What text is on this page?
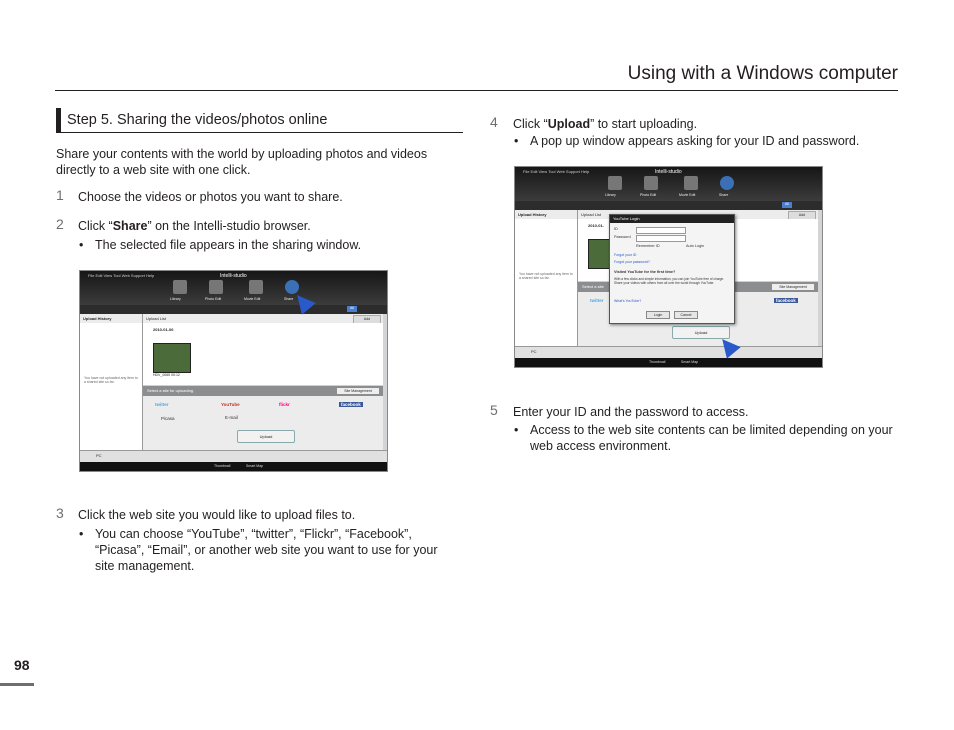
Using with a Windows computer
Step 5. Sharing the videos/photos online
Share your contents with the world by uploading photos and videos directly to a web site with one click.
1 Choose the videos or photos you want to share.
2 Click “Share” on the Intelli-studio browser.
• The selected file appears in the sharing window.
File Edit View Tool Web Support Help	Intelli-studio
Library	Photo Edit	Movie Edit	Share
All
Upload History
You have not uploaded any item to a shared site so far.
Upload List	Add
2010-01-06
HDV_0065 00:12
Select a site for uploading.	Site Management
twitter	YouTube	flickr	facebook
Picasa	E-mail
Upload
PC
Thumbnail	Smart Map
3 Click the web site you would like to upload files to.
• You can choose “YouTube”, “twitter”, “Flickr”, “Facebook”, “Picasa”, “Email”, or another web site you want to use for your site management.
4 Click “Upload” to start uploading.
• A pop up window appears asking for your ID and password.
File Edit View Tool Web Support Help	Intelli-studio
Library	Photo Edit	Movie Edit	Share
All
Upload History
You have not uploaded any item to a shared site so far.
Upload List	Add
2010-01-
Select a site	Site Management
twitter	facebook
Upload
PC
Thumbnail	Smart Map
YouTube Login
ID
Password
Remember ID	Auto Login
Forgot your ID
Forgot your password?
Visited YouTube for the first time?
With a few clicks and simple information, you can join YouTube free of charge. Share your videos with others from all over the world through YouTube.
What's YouTube?
Login	Cancel
5 Enter your ID and the password to access.
• Access to the web site contents can be limited depending on your web access environment.
98
